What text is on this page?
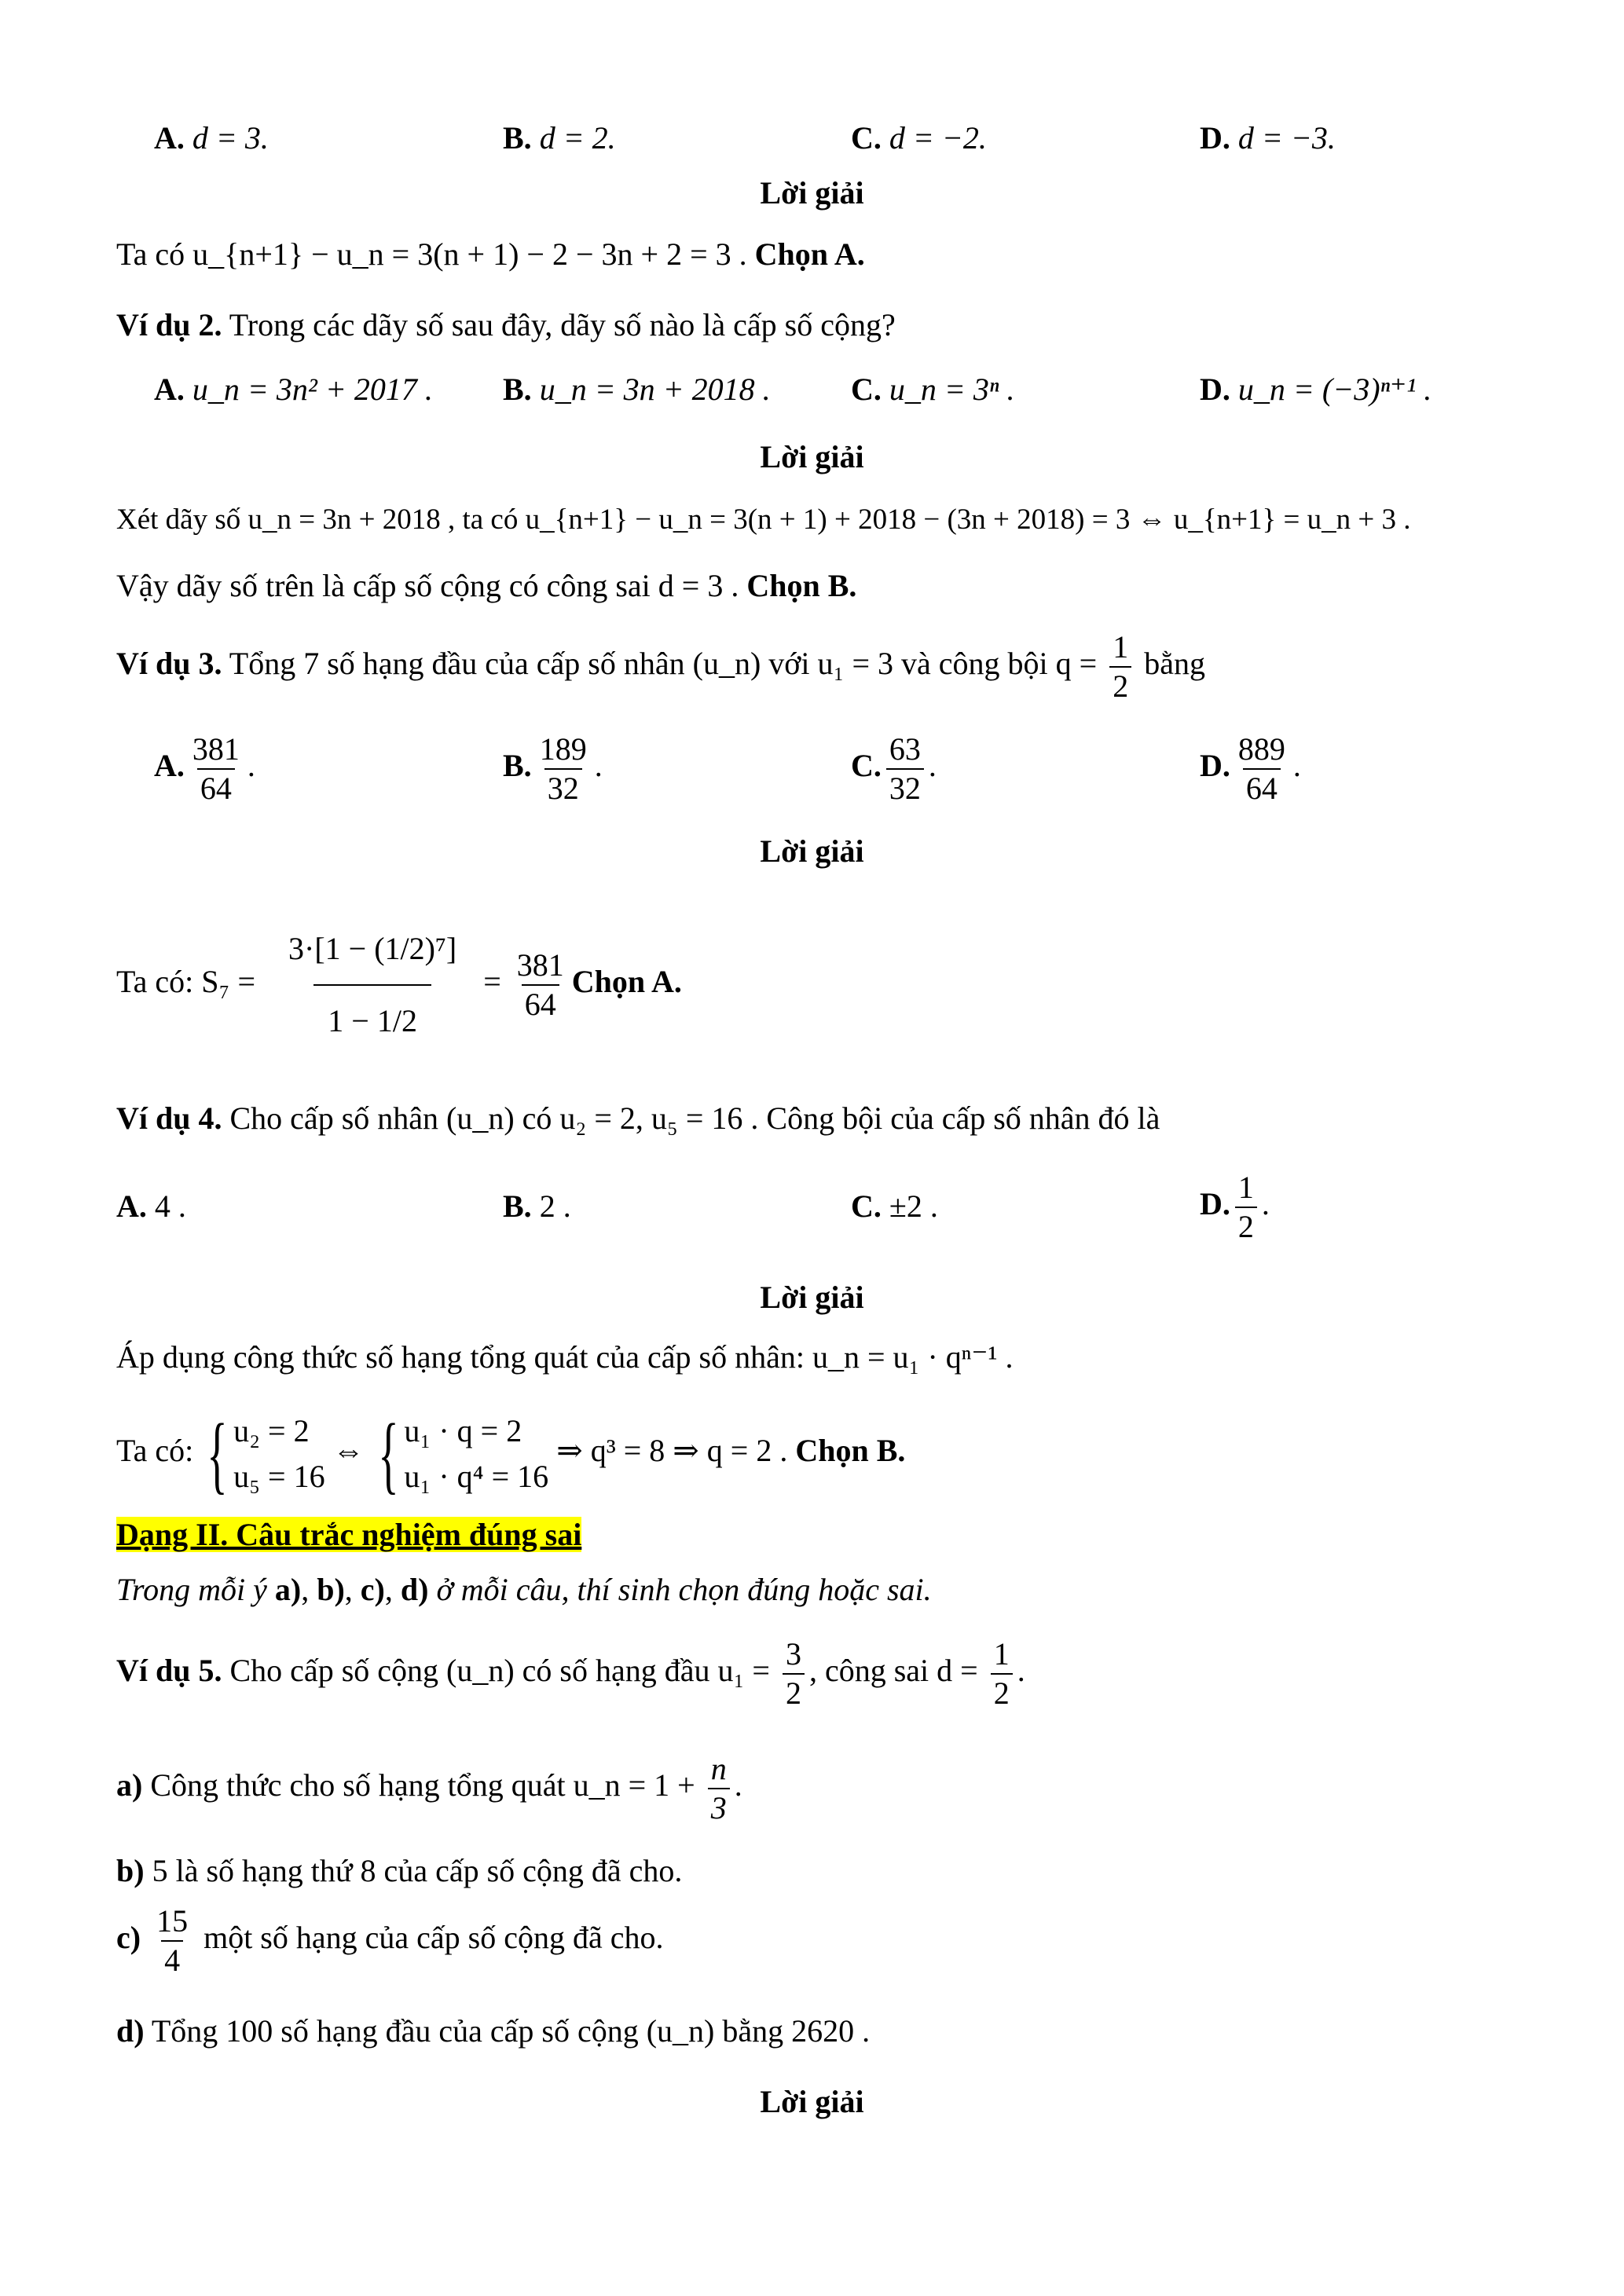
A. d = 3.	B. d = 2.	C. d = −2.	D. d = −3.
Lời giải
Ta có u_{n+1} − u_n = 3(n + 1) − 2 − 3n + 2 = 3 . Chọn A.
Ví dụ 2. Trong các dãy số sau đây, dãy số nào là cấp số cộng?
A. u_n = 3n² + 2017 . B. u_n = 3n + 2018 .	C. u_n = 3ⁿ .	D. u_n = (−3)ⁿ⁺¹ .
Lời giải
Xét dãy số u_n = 3n + 2018 , ta có u_{n+1} − u_n = 3(n + 1) + 2018 − (3n + 2018) = 3 ⇔ u_{n+1} = u_n + 3 .
Vậy dãy số trên là cấp số cộng có công sai d = 3 . Chọn B.
Ví dụ 3. Tổng 7 số hạng đầu của cấp số nhân (u_n) với u₁ = 3 và công bội $q = \frac{1}{2}$ bằng
A. $\frac{381}{64}$ .	B. $\frac{189}{32}$ .	C. $\frac{63}{32}$ .	D. $\frac{889}{64}$ .
Lời giải
Ta có: $S_7 = \frac{\text{3·[1 − (1/2)⁷]}}{1 - 1/2} = \frac{381}{64}$ Chọn A.
Ví dụ 4. Cho cấp số nhân (u_n) có u₂ = 2, u₅ = 16 . Công bội của cấp số nhân đó là
A. 4 .	B. 2 .	C. ±2 .	D. $\frac{1}{2}$ .
Lời giải
Áp dụng công thức số hạng tổng quát của cấp số nhân: u_n = u₁ · qⁿ⁻¹ .
Ta có: { u₂ = 2
u₅ = 16
⇔ { u₁ · q = 2
u₁ · q⁴ = 16
⇒ q³ = 8 ⇒ q = 2 . Chọn B.
Dạng II. Câu trắc nghiệm đúng sai
Trong mỗi ý a), b), c), d) ở mỗi câu, thí sinh chọn đúng hoặc sai.
Ví dụ 5. Cho cấp số cộng (u_n) có số hạng đầu $u_1 = \frac{3}{2}$ , công sai $d = \frac{1}{2}$ .
a) Công thức cho số hạng tổng quát u_n = $1 + \frac{n}{3}$ .
b) 5 là số hạng thứ 8 của cấp số cộng đã cho.
$c) \frac{15}{4}$ một số hạng của cấp số cộng đã cho.
d) Tổng 100 số hạng đầu của cấp số cộng (u_n) bằng 2620 .
Lời giải
